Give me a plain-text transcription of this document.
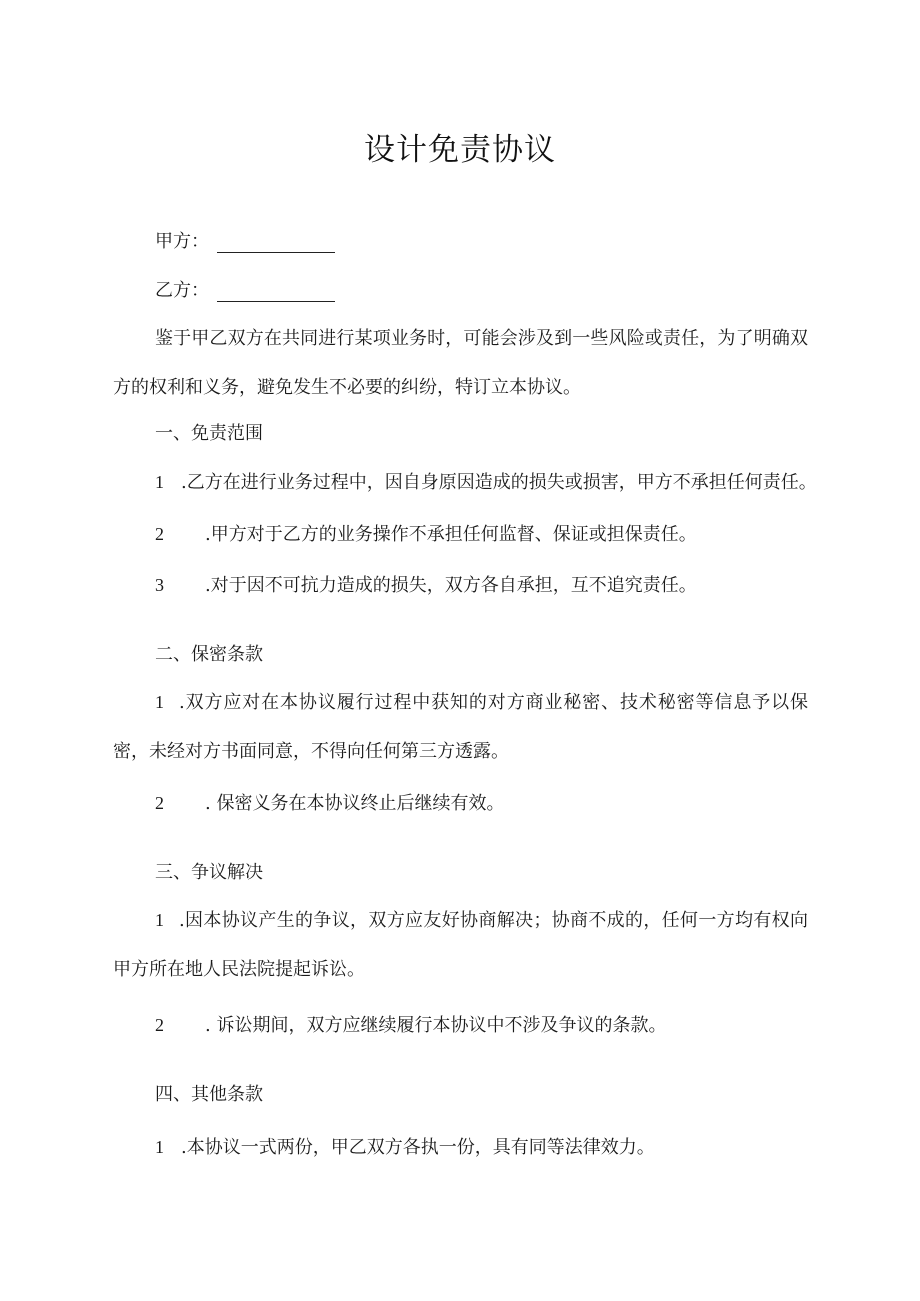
设计免责协议
甲方：
乙方：
鉴于甲乙双方在共同进行某项业务时，可能会涉及到一些风险或责任，为了明确双方的权利和义务，避免发生不必要的纠纷，特订立本协议。
一、免责范围
1 .乙方在进行业务过程中，因自身原因造成的损失或损害，甲方不承担任何责任。
2 .甲方对于乙方的业务操作不承担任何监督、保证或担保责任。
3 .对于因不可抗力造成的损失，双方各自承担，互不追究责任。
二、保密条款
1 .双方应对在本协议履行过程中获知的对方商业秘密、技术秘密等信息予以保密，未经对方书面同意，不得向任何第三方透露。
2 . 保密义务在本协议终止后继续有效。
三、争议解决
1 .因本协议产生的争议，双方应友好协商解决；协商不成的，任何一方均有权向甲方所在地人民法院提起诉讼。
2 . 诉讼期间，双方应继续履行本协议中不涉及争议的条款。
四、其他条款
1 .本协议一式两份，甲乙双方各执一份，具有同等法律效力。
